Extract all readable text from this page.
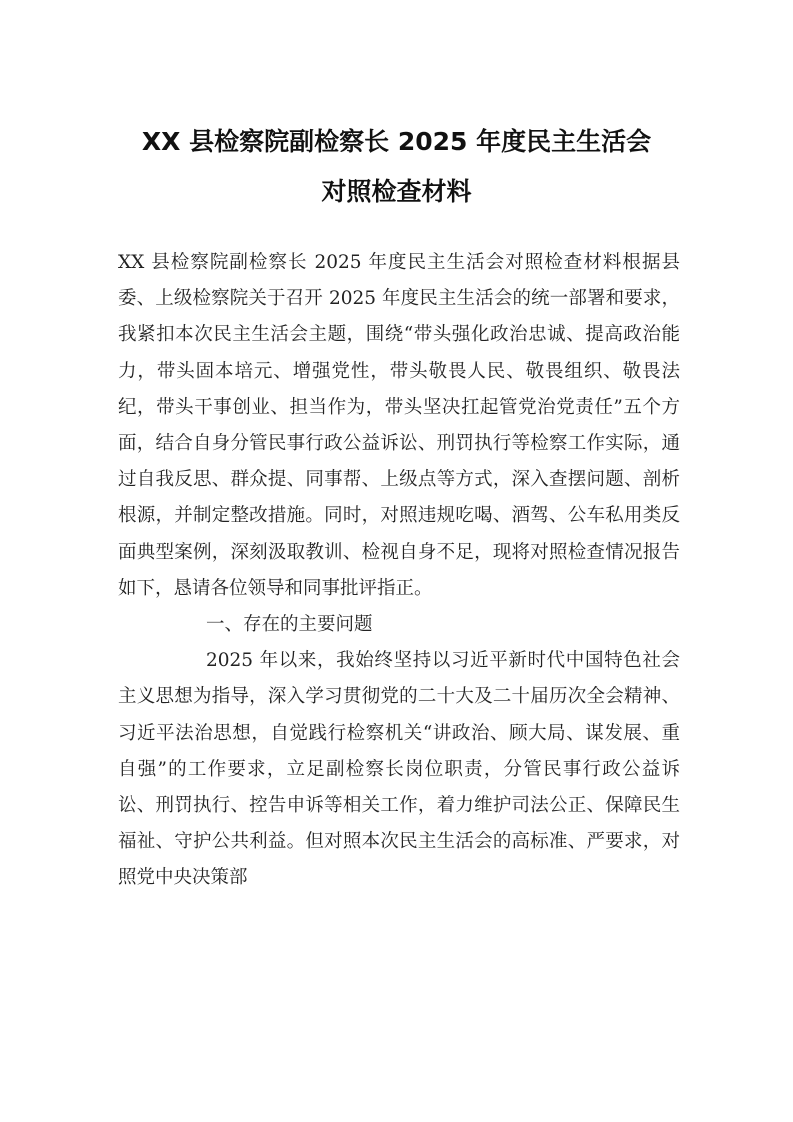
XX 县检察院副检察长 2025 年度民主生活会
对照检查材料

XX 县检察院副检察长 2025 年度民主生活会对照检查材料根据县委、上级检察院关于召开 2025 年度民主生活会的统一部署和要求，我紧扣本次民主生活会主题，围绕“带头强化政治忠诚、提高政治能力，带头固本培元、增强党性，带头敬畏人民、敬畏组织、敬畏法纪，带头干事创业、担当作为，带头坚决扛起管党治党责任”五个方面，结合自身分管民事行政公益诉讼、刑罚执行等检察工作实际，通过自我反思、群众提、同事帮、上级点等方式，深入查摆问题、剖析根源，并制定整改措施。同时，对照违规吃喝、酒驾、公车私用类反面典型案例，深刻汲取教训、检视自身不足，现将对照检查情况报告如下，恳请各位领导和同事批评指正。

一、存在的主要问题

2025 年以来，我始终坚持以习近平新时代中国特色社会主义思想为指导，深入学习贯彻党的二十大及二十届历次全会精神、习近平法治思想，自觉践行检察机关“讲政治、顾大局、谋发展、重自强”的工作要求，立足副检察长岗位职责，分管民事行政公益诉讼、刑罚执行、控告申诉等相关工作，着力维护司法公正、保障民生福祉、守护公共利益。但对照本次民主生活会的高标准、严要求，对照党中央决策部
